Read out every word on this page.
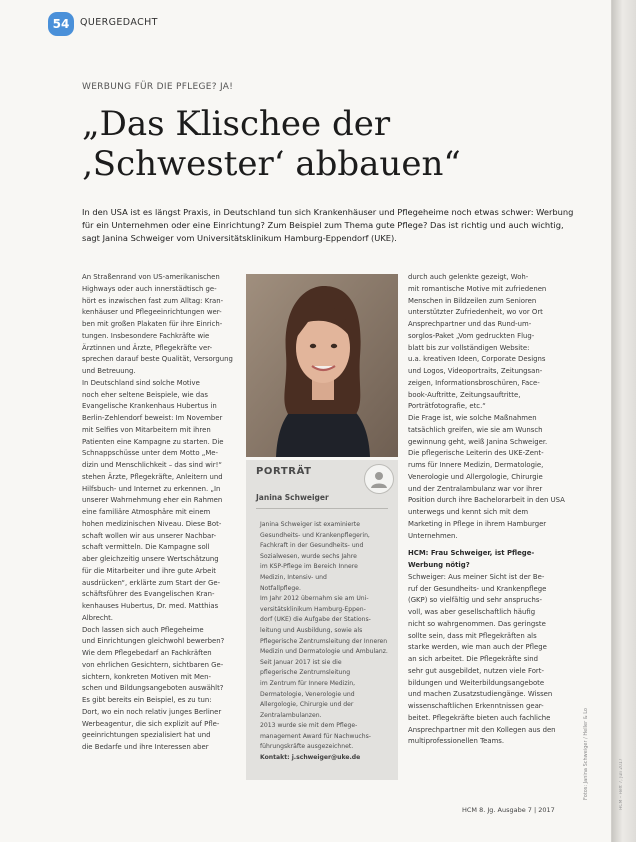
54	QUERGEDACHT
WERBUNG FÜR DIE PFLEGE? JA!
„Das Klischee der
‚Schwester‘ abbauen“

In den USA ist es längst Praxis, in Deutschland tun sich Krankenhäuser und Pflegeheime noch etwas schwer: Werbung für ein Unternehmen oder eine Einrichtung? Zum Beispiel zum Thema gute Pflege? Das ist richtig und auch wichtig, sagt Janina Schweiger vom Universitätsklinikum Hamburg-Eppendorf (UKE).

An Straßenrand von US-amerikanischen

Highways oder auch innerstädtisch ge-

hört es inzwischen fast zum Alltag: Kran-

kenhäuser und Pflegeeinrichtungen wer-

ben mit großen Plakaten für ihre Einrich-

tungen. Insbesondere Fachkräfte wie

Ärztinnen und Ärzte, Pflegekräfte ver-

sprechen darauf beste Qualität, Versorgung

und Betreuung.

In Deutschland sind solche Motive

noch eher seltene Beispiele, wie das

Evangelische Krankenhaus Hubertus in

Berlin-Zehlendorf beweist: Im November

mit Selfies von Mitarbeitern mit ihren

Patienten eine Kampagne zu starten. Die

Schnappschüsse unter dem Motto „Me-

dizin und Menschlichkeit – das sind wir!“

stehen Ärzte, Pflegekräfte, Anleitern und

Hilfsbuch- und Internet zu erkennen. „In

unserer Wahrnehmung eher ein Rahmen

eine familiäre Atmosphäre mit einem

hohen medizinischen Niveau. Diese Bot-

schaft wollen wir aus unserer Nachbar-

schaft vermitteln. Die Kampagne soll

aber gleichzeitig unsere Wertschätzung

für die Mitarbeiter und ihre gute Arbeit

ausdrücken“, erklärte zum Start der Ge-

schäftsführer des Evangelischen Kran-

kenhauses Hubertus, Dr. med. Matthias

Albrecht.

Doch lassen sich auch Pflegeheime

und Einrichtungen gleichwohl bewerben?

Wie dem Pflegebedarf an Fachkräften

von ehrlichen Gesichtern, sichtbaren Ge-

sichtern, konkreten Motiven mit Men-

schen und Bildungsangeboten auswählt?

Es gibt bereits ein Beispiel, es zu tun:

Dort, wo ein noch relativ junges Berliner

Werbeagentur, die sich explizit auf Pfle-

geeinrichtungen spezialisiert hat und

die Bedarfe und ihre Interessen aber

PORTRÄT
Janina Schweiger

Janina Schweiger ist examinierte

Gesundheits- und Krankenpflegerin,

Fachkraft in der Gesundheits- und

Sozialwesen, wurde sechs Jahre

im KSP-Pflege im Bereich Innere

Medizin, Intensiv- und

Notfallpflege.

Im Jahr 2012 übernahm sie am Uni-

versitätsklinikum Hamburg-Eppen-

dorf (UKE) die Aufgabe der Stations-

leitung und Ausbildung, sowie als

Pflegerische Zentrumsleitung der Inneren

Medizin und Dermatologie und Ambulanz.

Seit Januar 2017 ist sie die

pflegerische Zentrumsleitung

im Zentrum für Innere Medizin,

Dermatologie, Venerologie und

Allergologie, Chirurgie und der

Zentralambulanzen.

2013 wurde sie mit dem Pflege-

management Award für Nachwuchs-

führungskräfte ausgezeichnet.

Kontakt: j.schweiger@uke.de

durch auch gelenkte gezeigt, Woh-

mit romantische Motive mit zufriedenen

Menschen in Bildzeilen zum Senioren

unterstützter Zufriedenheit, wo vor Ort

Ansprechpartner und das Rund-um-

sorglos-Paket „Vom gedruckten Flug-

blatt bis zur vollständigen Website:

u.a. kreativen Ideen, Corporate Designs

und Logos, Videoportraits, Zeitungsan-

zeigen, Informationsbroschüren, Face-

book-Auftritte, Zeitungsauftritte,

Porträtfotografie, etc.“

Die Frage ist, wie solche Maßnahmen

tatsächlich greifen, wie sie am Wunsch

gewinnung geht, weiß Janina Schweiger.

Die pflegerische Leiterin des UKE-Zent-

rums für Innere Medizin, Dermatologie,

Venerologie und Allergologie, Chirurgie

und der Zentralambulanz war vor ihrer

Position durch ihre Bachelorarbeit in den USA

unterwegs und kennt sich mit dem

Marketing in Pflege in ihrem Hamburger

Unternehmen.

HCM: Frau Schweiger, ist Pflege-

Werbung nötig?

Schweiger: Aus meiner Sicht ist der Be-

ruf der Gesundheits- und Krankenpflege

(GKP) so vielfältig und sehr anspruchs-

voll, was aber gesellschaftlich häufig

nicht so wahrgenommen. Das geringste

sollte sein, dass mit Pflegekräften als

starke werden, wie man auch der Pflege

an sich arbeitet. Die Pflegekräfte sind

sehr gut ausgebildet, nutzen viele Fort-

bildungen und Weiterbildungsangebote

und machen Zusatzstudiengänge. Wissen

wissenschaftlichen Erkenntnissen gear-

beitet. Pflegekräfte bieten auch fachliche

Ansprechpartner mit den Kollegen aus den

multiprofessionellen Teams.	Fotos: Janina Schweiger / Heller & Lo
HCM 8. Jg. Ausgabe 7 | 2017	HCM – Heft 7, Juli 2017
